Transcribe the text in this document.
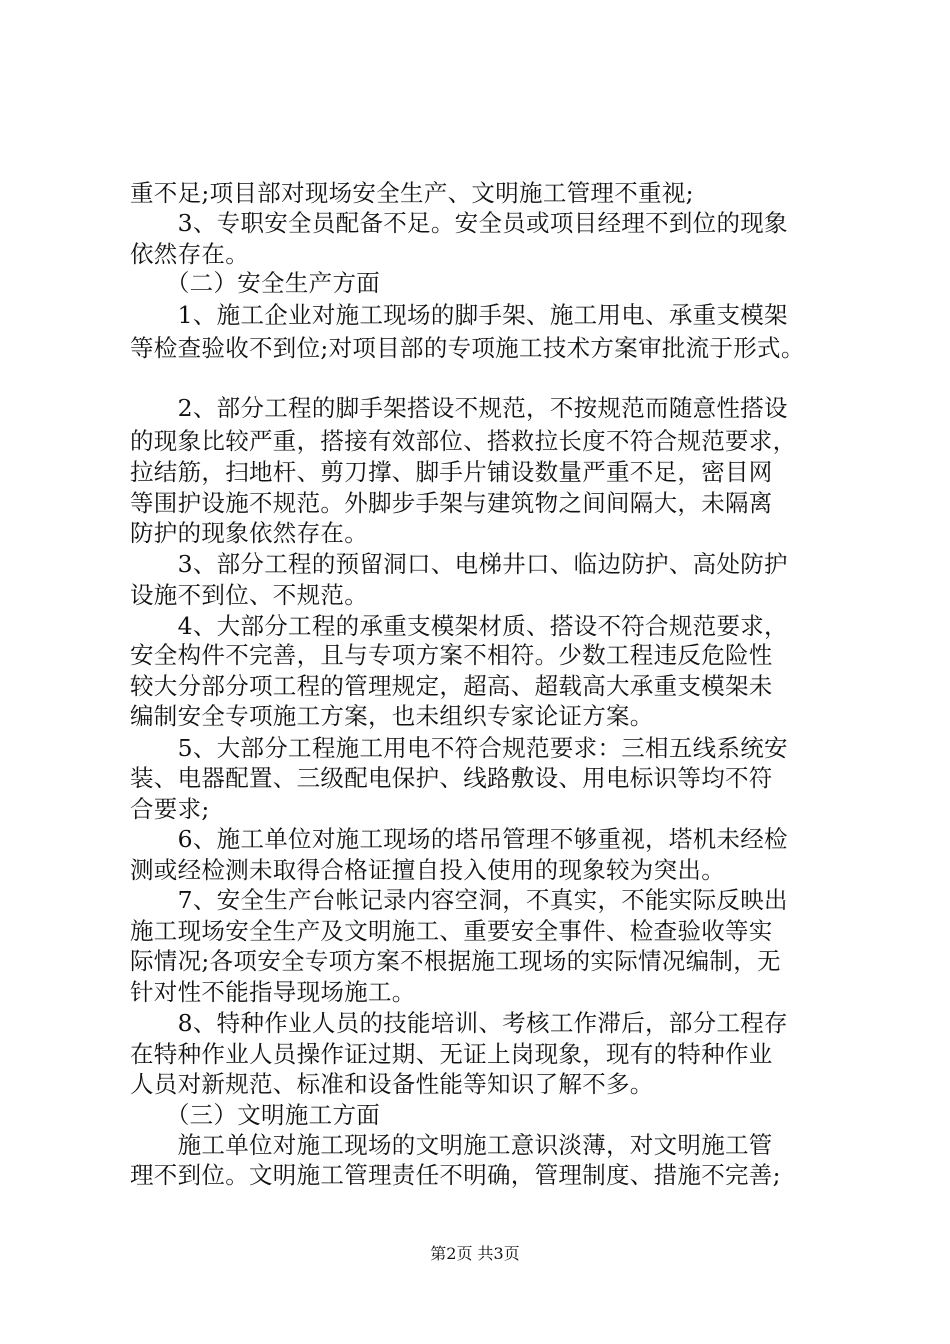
重不足;项目部对现场安全生产、文明施工管理不重视;
　　3、专职安全员配备不足。安全员或项目经理不到位的现象
依然存在。
　　（二）安全生产方面
　　1、施工企业对施工现场的脚手架、施工用电、承重支模架
等检查验收不到位;对项目部的专项施工技术方案审批流于形式。
　　2、部分工程的脚手架搭设不规范，不按规范而随意性搭设
的现象比较严重，搭接有效部位、搭救拉长度不符合规范要求，
拉结筋，扫地杆、剪刀撑、脚手片铺设数量严重不足，密目网
等围护设施不规范。外脚步手架与建筑物之间间隔大，未隔离
防护的现象依然存在。
　　3、部分工程的预留洞口、电梯井口、临边防护、高处防护
设施不到位、不规范。
　　4、大部分工程的承重支模架材质、搭设不符合规范要求，
安全构件不完善，且与专项方案不相符。少数工程违反危险性
较大分部分项工程的管理规定，超高、超载高大承重支模架未
编制安全专项施工方案，也未组织专家论证方案。
　　5、大部分工程施工用电不符合规范要求：三相五线系统安
装、电器配置、三级配电保护、线路敷设、用电标识等均不符
合要求;
　　6、施工单位对施工现场的塔吊管理不够重视，塔机未经检
测或经检测未取得合格证擅自投入使用的现象较为突出。
　　7、安全生产台帐记录内容空洞，不真实，不能实际反映出
施工现场安全生产及文明施工、重要安全事件、检查验收等实
际情况;各项安全专项方案不根据施工现场的实际情况编制，无
针对性不能指导现场施工。
　　8、特种作业人员的技能培训、考核工作滞后，部分工程存
在特种作业人员操作证过期、无证上岗现象，现有的特种作业
人员对新规范、标准和设备性能等知识了解不多。
　　（三）文明施工方面
　　施工单位对施工现场的文明施工意识淡薄，对文明施工管
理不到位。文明施工管理责任不明确，管理制度、措施不完善;
第2页 共3页
